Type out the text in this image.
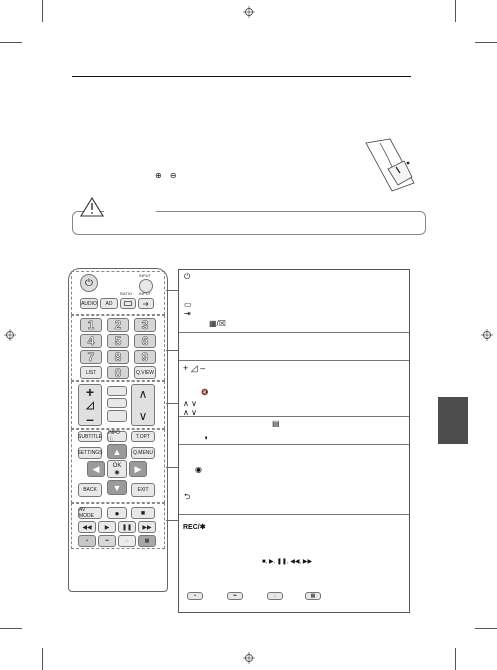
⊕ ⊖
⏻
INPUT
AUDIO	AD
RATIO INPUT
1	2	3
4	5	6
7	8	9
LIST	0	Q.VIEW
+
◿
–
∧
∨
SUBTITLE
INFO ⓘ
T.OPT
SETTINGS	Q.MENU
▲
◀	OK
◉	▶
▼
BACK	EXIT
AV MODE	●	■
◀◀	▶	❚❚	▶▶
•	••	∴	▦
⏻
▭
⇥
▦/☒
+ ◿ –
🔇
∧ ∨
∧ ∨
▤
◑
◉
⮌
REC/✱
■, ▶, ❚❚, ◀◀, ▶▶
•	••	∴	▦
